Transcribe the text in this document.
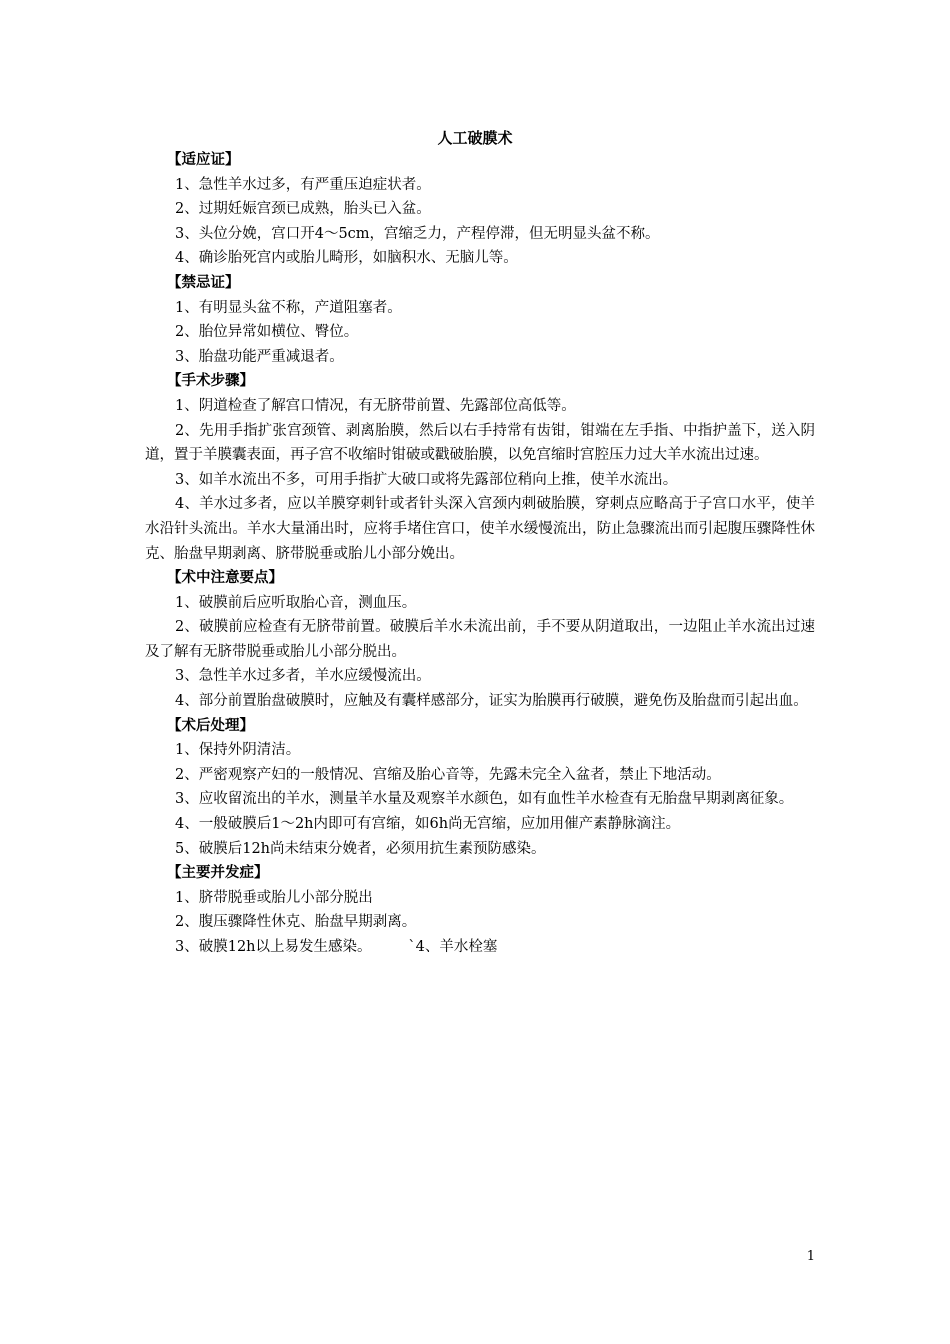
人工破膜术

【适应证】

1、急性羊水过多，有严重压迫症状者。

2、过期妊娠宫颈已成熟，胎头已入盆。

3、头位分娩，宫口开4～5cm，宫缩乏力，产程停滞，但无明显头盆不称。

4、确诊胎死宫内或胎儿畸形，如脑积水、无脑儿等。

【禁忌证】

1、有明显头盆不称，产道阻塞者。

2、胎位异常如横位、臀位。

3、胎盘功能严重减退者。

【手术步骤】

1、阴道检查了解宫口情况，有无脐带前置、先露部位高低等。

2、先用手指扩张宫颈管、剥离胎膜，然后以右手持常有齿钳，钳端在左手指、中指护盖下，送入阴道，置于羊膜囊表面，再子宫不收缩时钳破或戳破胎膜，以免宫缩时宫腔压力过大羊水流出过速。

3、如羊水流出不多，可用手指扩大破口或将先露部位稍向上推，使羊水流出。

4、羊水过多者，应以羊膜穿刺针或者针头深入宫颈内刺破胎膜，穿刺点应略高于子宫口水平，使羊水沿针头流出。羊水大量涌出时，应将手堵住宫口，使羊水缓慢流出，防止急骤流出而引起腹压骤降性休克、胎盘早期剥离、脐带脱垂或胎儿小部分娩出。

【术中注意要点】

1、破膜前后应听取胎心音，测血压。

2、破膜前应检查有无脐带前置。破膜后羊水未流出前，手不要从阴道取出，一边阻止羊水流出过速及了解有无脐带脱垂或胎儿小部分脱出。

3、急性羊水过多者，羊水应缓慢流出。

4、部分前置胎盘破膜时，应触及有囊样感部分，证实为胎膜再行破膜，避免伤及胎盘而引起出血。

【术后处理】

1、保持外阴清洁。

2、严密观察产妇的一般情况、宫缩及胎心音等，先露未完全入盆者，禁止下地活动。

3、应收留流出的羊水，测量羊水量及观察羊水颜色，如有血性羊水检查有无胎盘早期剥离征象。

4、一般破膜后1～2h内即可有宫缩，如6h尚无宫缩，应加用催产素静脉滴注。

5、破膜后12h尚未结束分娩者，必须用抗生素预防感染。

【主要并发症】

1、脐带脱垂或胎儿小部分脱出

2、腹压骤降性休克、胎盘早期剥离。

3、破膜12h以上易发生感染。        `4、羊水栓塞

1
